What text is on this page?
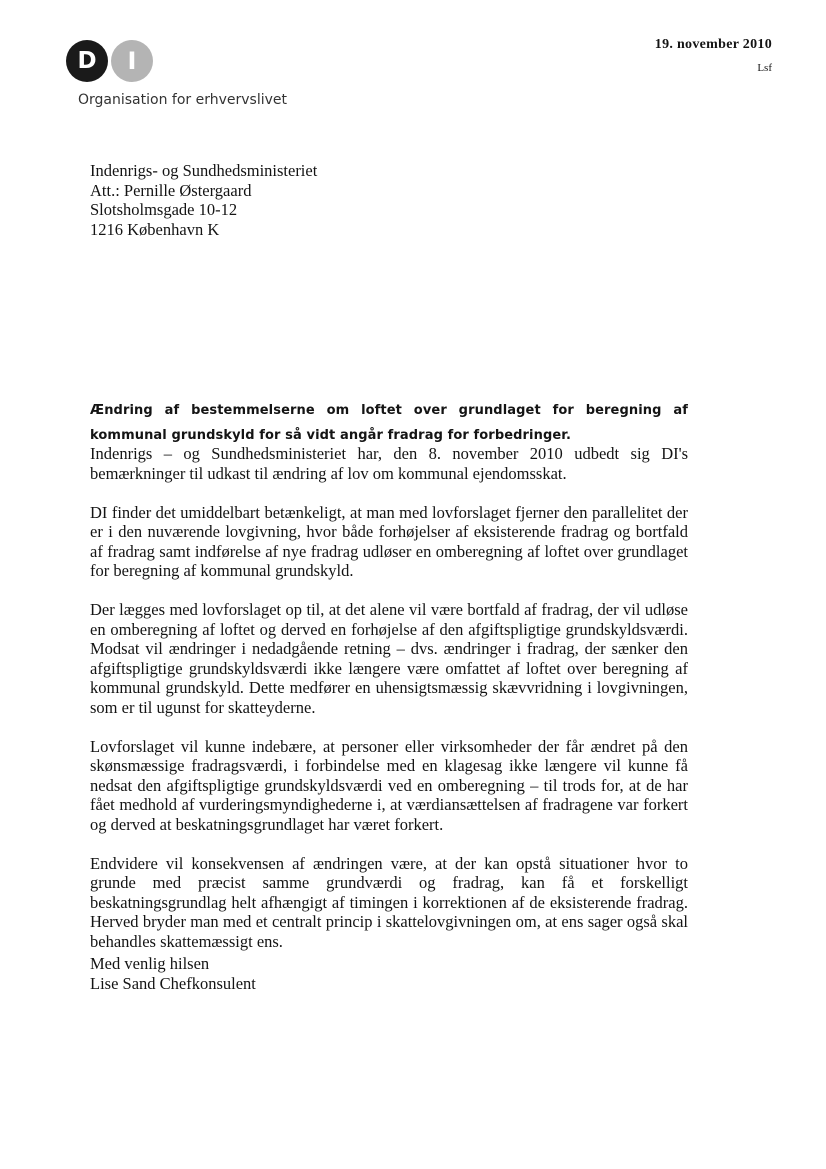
D	I
Organisation for erhvervslivet
19. november 2010
Lsf
Indenrigs- og Sundhedsministeriet
Att.: Pernille Østergaard
Slotsholmsgade 10-12
1216 København K
Ændring af bestemmelserne om loftet over grundlaget for beregning af kommunal grundskyld for så vidt angår fradrag for forbedringer.

Indenrigs – og Sundhedsministeriet har, den 8. november 2010 udbedt sig DI's bemærkninger til udkast til ændring af lov om kommunal ejendomsskat.

DI finder det umiddelbart betænkeligt, at man med lovforslaget fjerner den parallelitet der er i den nuværende lovgivning, hvor både forhøjelser af eksisterende fradrag og bortfald af fradrag samt indførelse af nye fradrag udløser en omberegning af loftet over grundlaget for beregning af kommunal grundskyld.

Der lægges med lovforslaget op til, at det alene vil være bortfald af fradrag, der vil udløse en omberegning af loftet og derved en forhøjelse af den afgiftspligtige grundskyldsværdi. Modsat vil ændringer i nedadgående retning – dvs. ændringer i fradrag, der sænker den afgiftspligtige grundskyldsværdi ikke længere være omfattet af loftet over beregning af kommunal grundskyld. Dette medfører en uhensigtsmæssig skævvridning i lovgivningen, som er til ugunst for skatteyderne.

Lovforslaget vil kunne indebære, at personer eller virksomheder der får ændret på den skønsmæssige fradragsværdi, i forbindelse med en klagesag ikke længere vil kunne få nedsat den afgiftspligtige grundskyldsværdi ved en omberegning – til trods for, at de har fået medhold af vurderingsmyndighederne i, at værdiansættelsen af fradragene var forkert og derved at beskatningsgrundlaget har været forkert.

Endvidere vil konsekvensen af ændringen være, at der kan opstå situationer hvor to grunde med præcist samme grundværdi og fradrag, kan få et forskelligt beskatningsgrundlag helt afhængigt af timingen i korrektionen af de eksisterende fradrag. Herved bryder man med et centralt princip i skattelovgivningen om, at ens sager også skal behandles skattemæssigt ens.

Med venlig hilsen
Lise Sand Chefkonsulent
